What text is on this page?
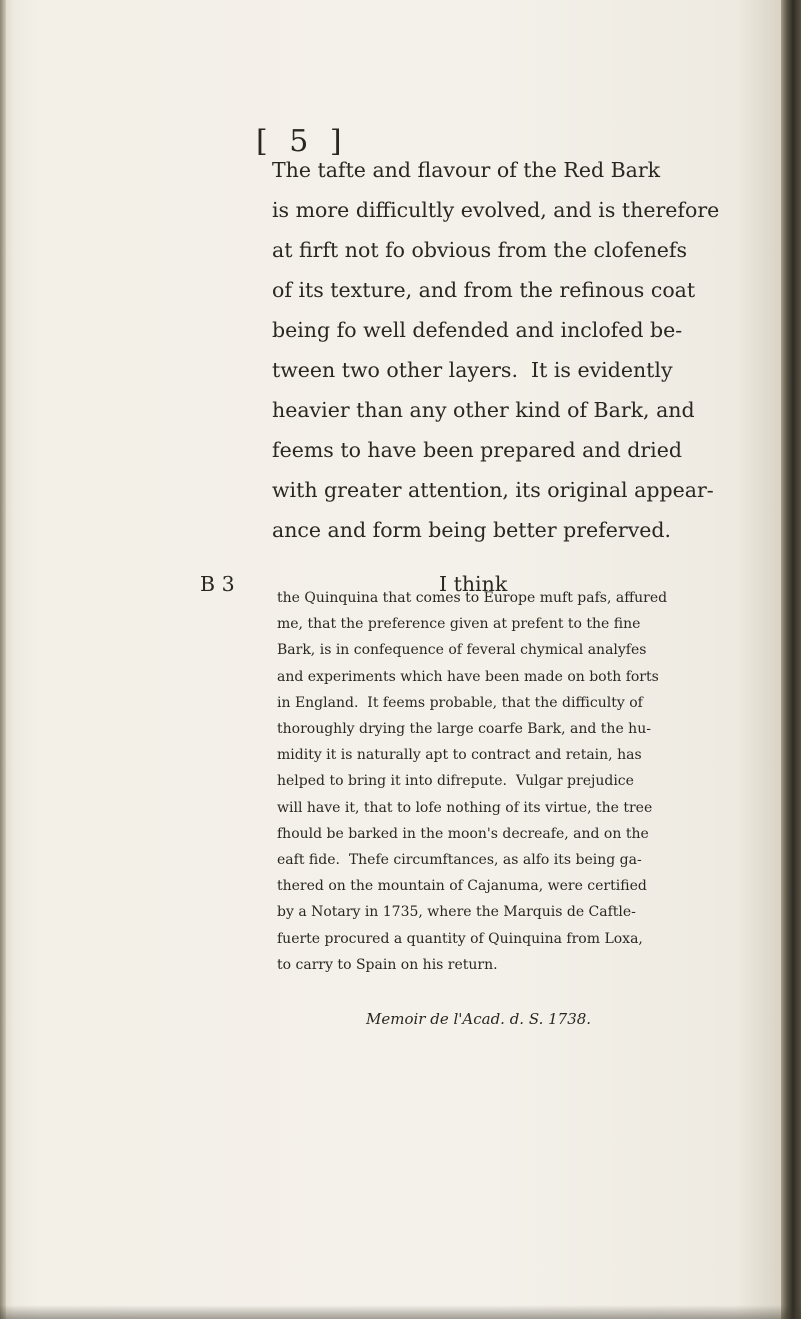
[ 5 ]

The tafte and flavour of the Red Bark
is more difficultly evolved, and is therefore
at firft not fo obvious from the clofenefs
of its texture, and from the refinous coat
being fo well defended and inclofed be-
tween two other layers.  It is evidently
heavier than any other kind of Bark, and
feems to have been prepared and dried
with greater attention, its original appear-
ance and form being better preferved.

B 3	I think

the Quinquina that comes to Europe muft pafs, affured
me, that the preference given at prefent to the fine
Bark, is in confequence of feveral chymical analyfes
and experiments which have been made on both forts
in England.  It feems probable, that the difficulty of
thoroughly drying the large coarfe Bark, and the hu-
midity it is naturally apt to contract and retain, has
helped to bring it into difrepute.  Vulgar prejudice
will have it, that to lofe nothing of its virtue, the tree
fhould be barked in the moon's decreafe, and on the
eaft fide.  Thefe circumftances, as alfo its being ga-
thered on the mountain of Cajanuma, were certified
by a Notary in 1735, where the Marquis de Caftle-
fuerte procured a quantity of Quinquina from Loxa,
to carry to Spain on his return.

Memoir de l'Acad. d. S. 1738.
